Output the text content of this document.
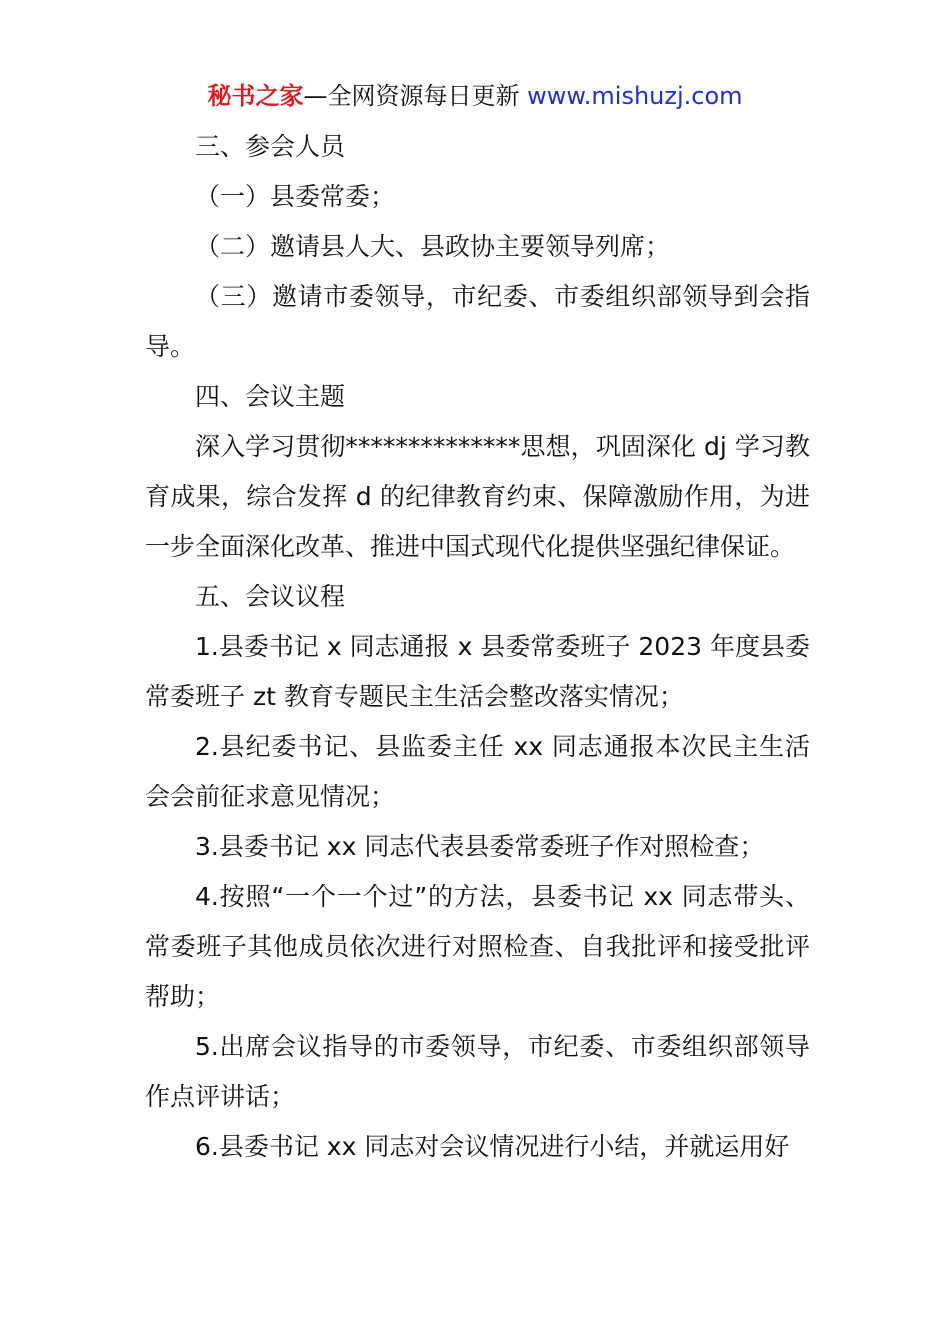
秘书之家—全网资源每日更新 www.mishuzj.com

三、参会人员

（一）县委常委；

（二）邀请县人大、县政协主要领导列席；

（三）邀请市委领导，市纪委、市委组织部领导到会指导。

四、会议主题

深入学习贯彻**************思想，巩固深化 dj 学习教育成果，综合发挥 d 的纪律教育约束、保障激励作用，为进一步全面深化改革、推进中国式现代化提供坚强纪律保证。

五、会议议程

1.县委书记 x 同志通报 x 县委常委班子 2023 年度县委常委班子 zt 教育专题民主生活会整改落实情况；

2.县纪委书记、县监委主任 xx 同志通报本次民主生活会会前征求意见情况；

3.县委书记 xx 同志代表县委常委班子作对照检查；

4.按照“一个一个过”的方法，县委书记 xx 同志带头、常委班子其他成员依次进行对照检查、自我批评和接受批评帮助；

5.出席会议指导的市委领导，市纪委、市委组织部领导作点评讲话；

6.县委书记 xx 同志对会议情况进行小结，并就运用好
